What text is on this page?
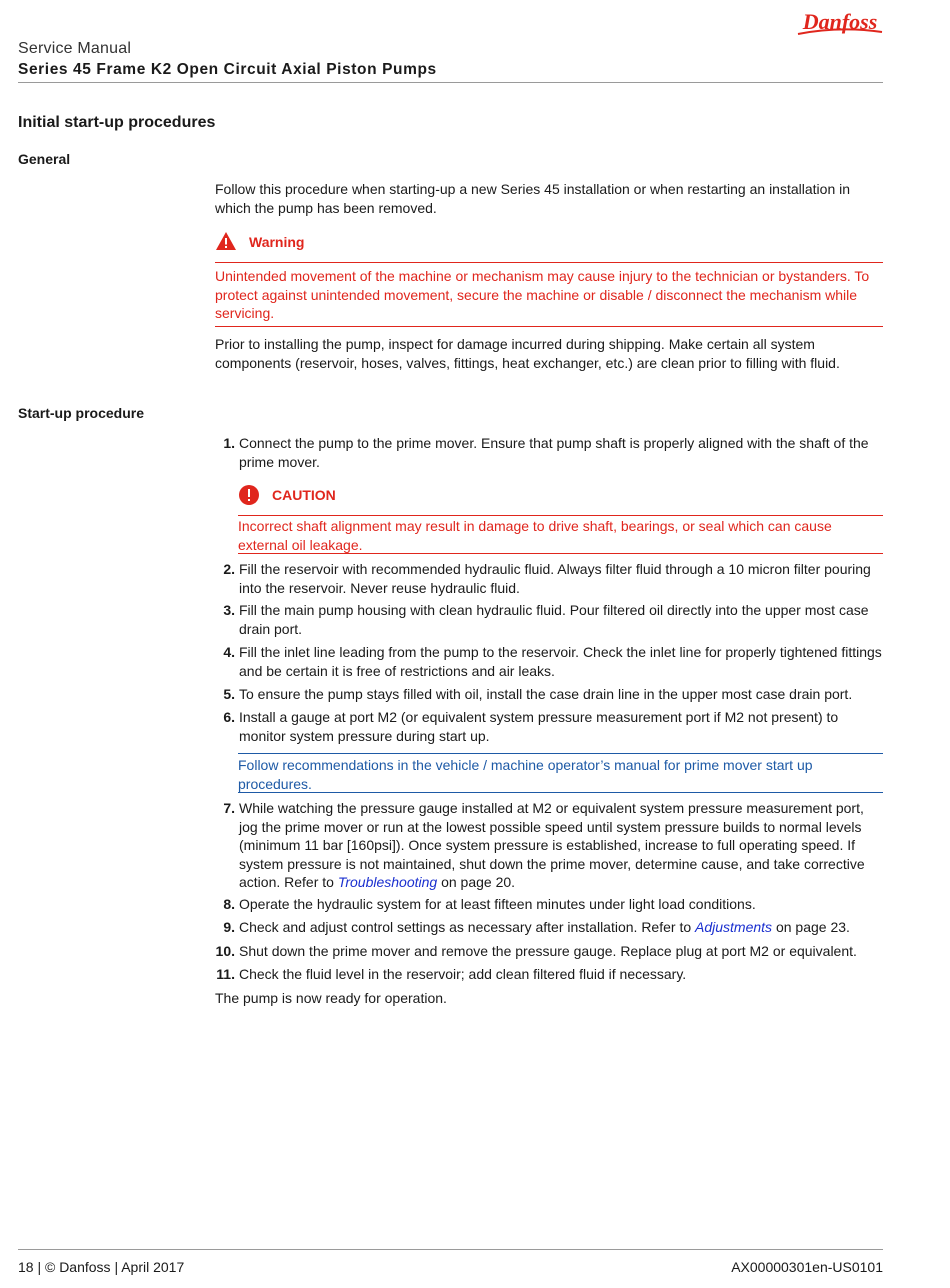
Danfoss
Service Manual
Series 45 Frame K2 Open Circuit Axial Piston Pumps
Initial start-up procedures
General
Follow this procedure when starting-up a new Series 45 installation or when restarting an installation in which the pump has been removed.
Warning
Unintended movement of the machine or mechanism may cause injury to the technician or bystanders. To protect against unintended movement, secure the machine or disable / disconnect the mechanism while servicing.
Prior to installing the pump, inspect for damage incurred during shipping. Make certain all system components (reservoir, hoses, valves, fittings, heat exchanger, etc.) are clean prior to filling with fluid.
Start-up procedure
1. Connect the pump to the prime mover. Ensure that pump shaft is properly aligned with the shaft of the prime mover.
CAUTION
Incorrect shaft alignment may result in damage to drive shaft, bearings, or seal which can cause external oil leakage.
2. Fill the reservoir with recommended hydraulic fluid. Always filter fluid through a 10 micron filter pouring into the reservoir. Never reuse hydraulic fluid.
3. Fill the main pump housing with clean hydraulic fluid. Pour filtered oil directly into the upper most case drain port.
4. Fill the inlet line leading from the pump to the reservoir. Check the inlet line for properly tightened fittings and be certain it is free of restrictions and air leaks.
5. To ensure the pump stays filled with oil, install the case drain line in the upper most case drain port.
6. Install a gauge at port M2 (or equivalent system pressure measurement port if M2 not present) to monitor system pressure during start up.
Follow recommendations in the vehicle / machine operator’s manual for prime mover start up procedures.
7. While watching the pressure gauge installed at M2 or equivalent system pressure measurement port, jog the prime mover or run at the lowest possible speed until system pressure builds to normal levels (minimum 11 bar [160psi]). Once system pressure is established, increase to full operating speed. If system pressure is not maintained, shut down the prime mover, determine cause, and take corrective action. Refer to Troubleshooting on page 20.
8. Operate the hydraulic system for at least fifteen minutes under light load conditions.
9. Check and adjust control settings as necessary after installation. Refer to Adjustments on page 23.
10. Shut down the prime mover and remove the pressure gauge. Replace plug at port M2 or equivalent.
11. Check the fluid level in the reservoir; add clean filtered fluid if necessary.
The pump is now ready for operation.
18 | © Danfoss | April 2017	AX00000301en-US0101
